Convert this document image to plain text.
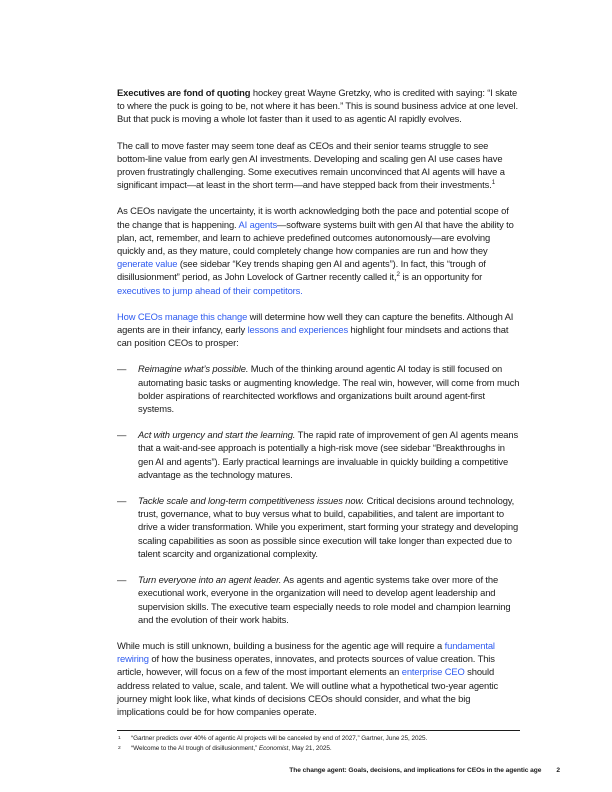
Executives are fond of quoting hockey great Wayne Gretzky, who is credited with saying: “I skate to where the puck is going to be, not where it has been.” This is sound business advice at one level. But that puck is moving a whole lot faster than it used to as agentic AI rapidly evolves.
The call to move faster may seem tone deaf as CEOs and their senior teams struggle to see bottom-line value from early gen AI investments. Developing and scaling gen AI use cases have proven frustratingly challenging. Some executives remain unconvinced that AI agents will have a significant impact—at least in the short term—and have stepped back from their investments.$^1$
As CEOs navigate the uncertainty, it is worth acknowledging both the pace and potential scope of the change that is happening. AI agents—software systems built with gen AI that have the ability to plan, act, remember, and learn to achieve predefined outcomes autonomously—are evolving quickly and, as they mature, could completely change how companies are run and how they generate value (see sidebar “Key trends shaping gen AI and agents”). In fact, this “trough of disillusionment” period, as John Lovelock of Gartner recently called it,$^2$ is an opportunity for executives to jump ahead of their competitors.
How CEOs manage this change will determine how well they can capture the benefits. Although AI agents are in their infancy, early lessons and experiences highlight four mindsets and actions that can position CEOs to prosper:
—	Reimagine what’s possible. Much of the thinking around agentic AI today is still focused on automating basic tasks or augmenting knowledge. The real win, however, will come from much bolder aspirations of rearchitected workflows and organizations built around agent-first systems.
—	Act with urgency and start the learning. The rapid rate of improvement of gen AI agents means that a wait-and-see approach is potentially a high-risk move (see sidebar “Breakthroughs in gen AI and agents”). Early practical learnings are invaluable in quickly building a competitive advantage as the technology matures.
—	Tackle scale and long-term competitiveness issues now. Critical decisions around technology, trust, governance, what to buy versus what to build, capabilities, and talent are important to drive a wider transformation. While you experiment, start forming your strategy and developing scaling capabilities as soon as possible since execution will take longer than expected due to talent scarcity and organizational complexity.
—	Turn everyone into an agent leader. As agents and agentic systems take over more of the executional work, everyone in the organization will need to develop agent leadership and supervision skills. The executive team especially needs to role model and champion learning and the evolution of their work habits.
While much is still unknown, building a business for the agentic age will require a fundamental rewiring of how the business operates, innovates, and protects sources of value creation. This article, however, will focus on a few of the most important elements an enterprise CEO should address related to value, scale, and talent. We will outline what a hypothetical two-year agentic journey might look like, what kinds of decisions CEOs should consider, and what the big implications could be for how companies operate.
1	“Gartner predicts over 40% of agentic AI projects will be canceled by end of 2027,” Gartner, June 25, 2025.
2	“Welcome to the AI trough of disillusionment,” Economist, May 21, 2025.
The change agent: Goals, decisions, and implications for CEOs in the agentic age 2
